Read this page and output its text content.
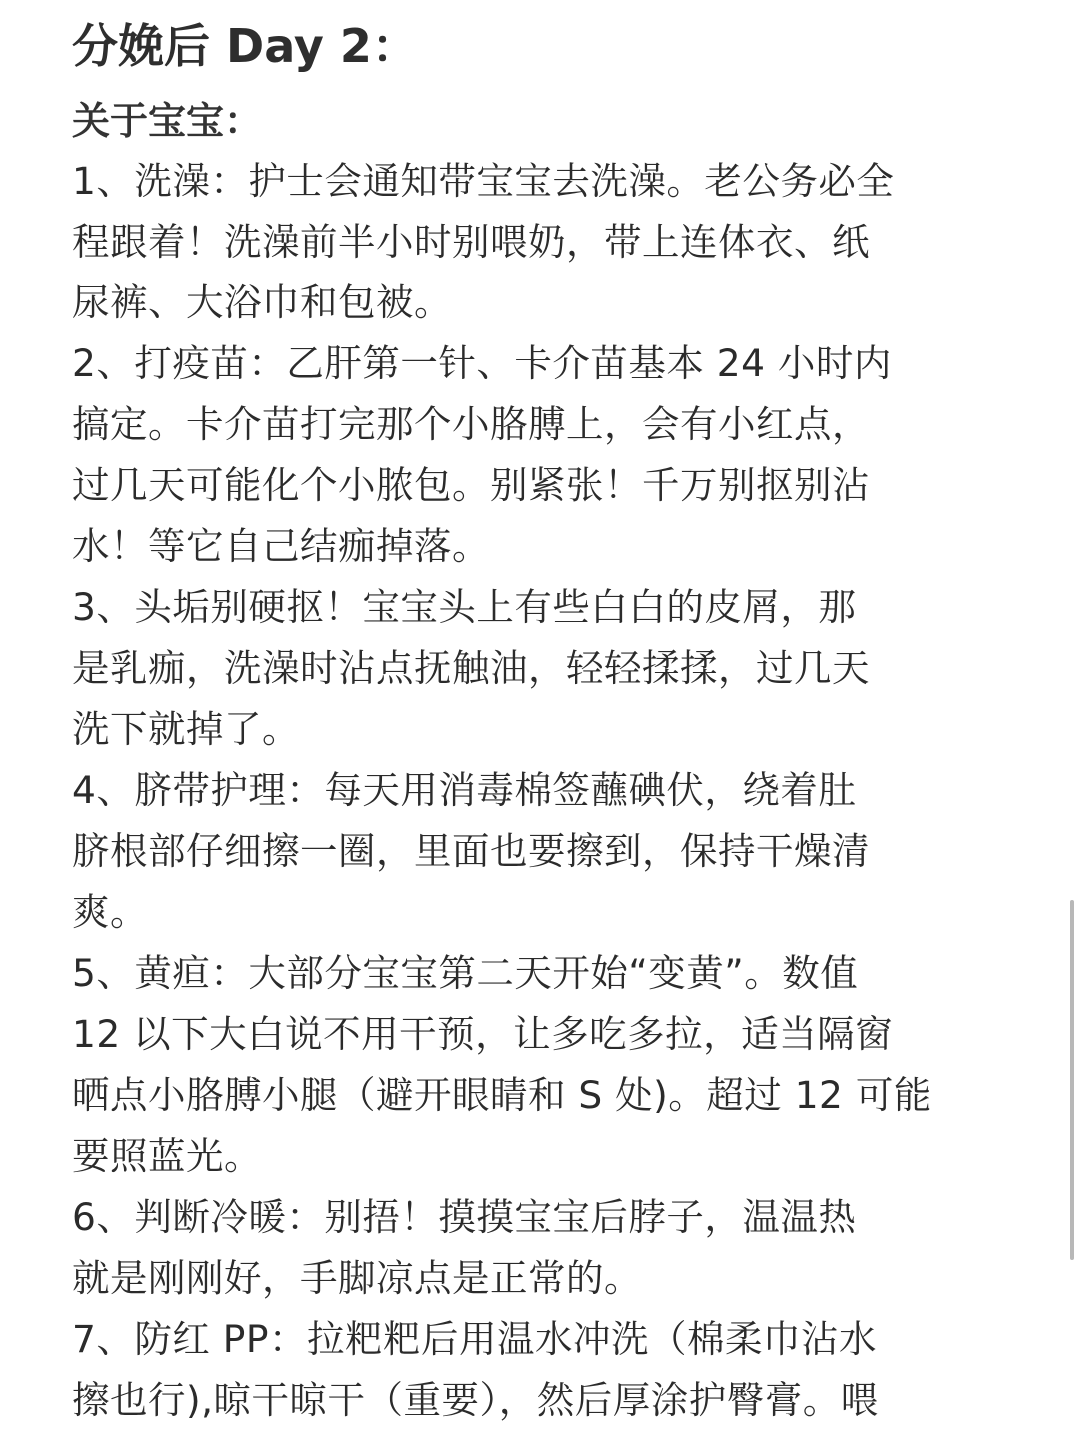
分娩后 Day 2：
关于宝宝：
1、洗澡：护士会通知带宝宝去洗澡。老公务必全
程跟着！洗澡前半小时别喂奶，带上连体衣、纸
尿裤、大浴巾和包被。
2、打疫苗：乙肝第一针、卡介苗基本 24 小时内
搞定。卡介苗打完那个小胳膊上，会有小红点，
过几天可能化个小脓包。别紧张！千万别抠别沾
水！等它自己结痂掉落。
3、头垢别硬抠！宝宝头上有些白白的皮屑，那
是乳痂，洗澡时沾点抚触油，轻轻揉揉，过几天
洗下就掉了。
4、脐带护理：每天用消毒棉签蘸碘伏，绕着肚
脐根部仔细擦一圈，里面也要擦到，保持干燥清
爽。
5、黄疸：大部分宝宝第二天开始“变黄”。数值
12 以下大白说不用干预，让多吃多拉，适当隔窗
晒点小胳膊小腿（避开眼睛和 S 处)。超过 12 可能
要照蓝光。
6、判断冷暖：别捂！摸摸宝宝后脖子，温温热
就是刚刚好，手脚凉点是正常的。
7、防红 PP：拉粑粑后用温水冲洗（棉柔巾沾水
擦也行),晾干晾干（重要），然后厚涂护臀膏。喂
